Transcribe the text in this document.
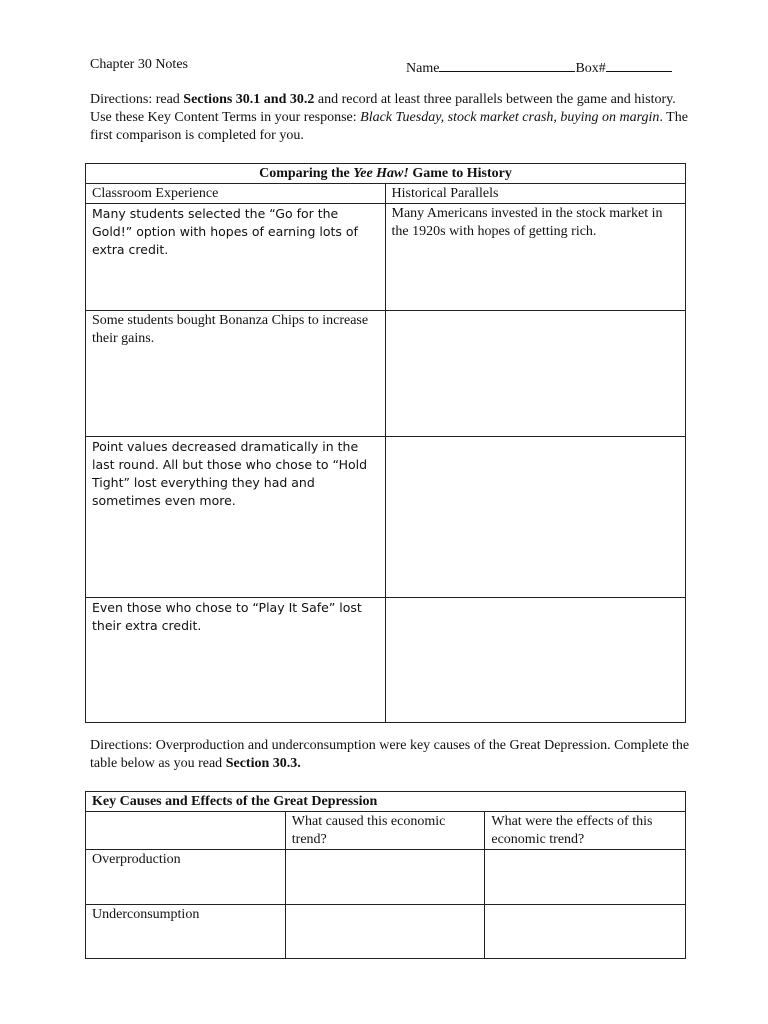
Chapter 30 Notes	Name	Box#
Directions: read Sections 30.1 and 30.2 and record at least three parallels between the game and history. Use these Key Content Terms in your response: Black Tuesday, stock market crash, buying on margin. The first comparison is completed for you.
Comparing the Yee Haw! Game to History	
Classroom Experience	Historical Parallels
Many students selected the “Go for the Gold!” option with hopes of earning lots of extra credit.	Many Americans invested in the stock market in the 1920s with hopes of getting rich.
Some students bought Bonanza Chips to increase their gains.	
Point values decreased dramatically in the last round. All but those who chose to “Hold Tight” lost everything they had and sometimes even more.	
Even those who chose to “Play It Safe” lost their extra credit.	
Directions: Overproduction and underconsumption were key causes of the Great Depression. Complete the table below as you read Section 30.3.
Key Causes and Effects of the Great Depression		
	What caused this economic trend?	What were the effects of this economic trend?
Overproduction		
Underconsumption		
